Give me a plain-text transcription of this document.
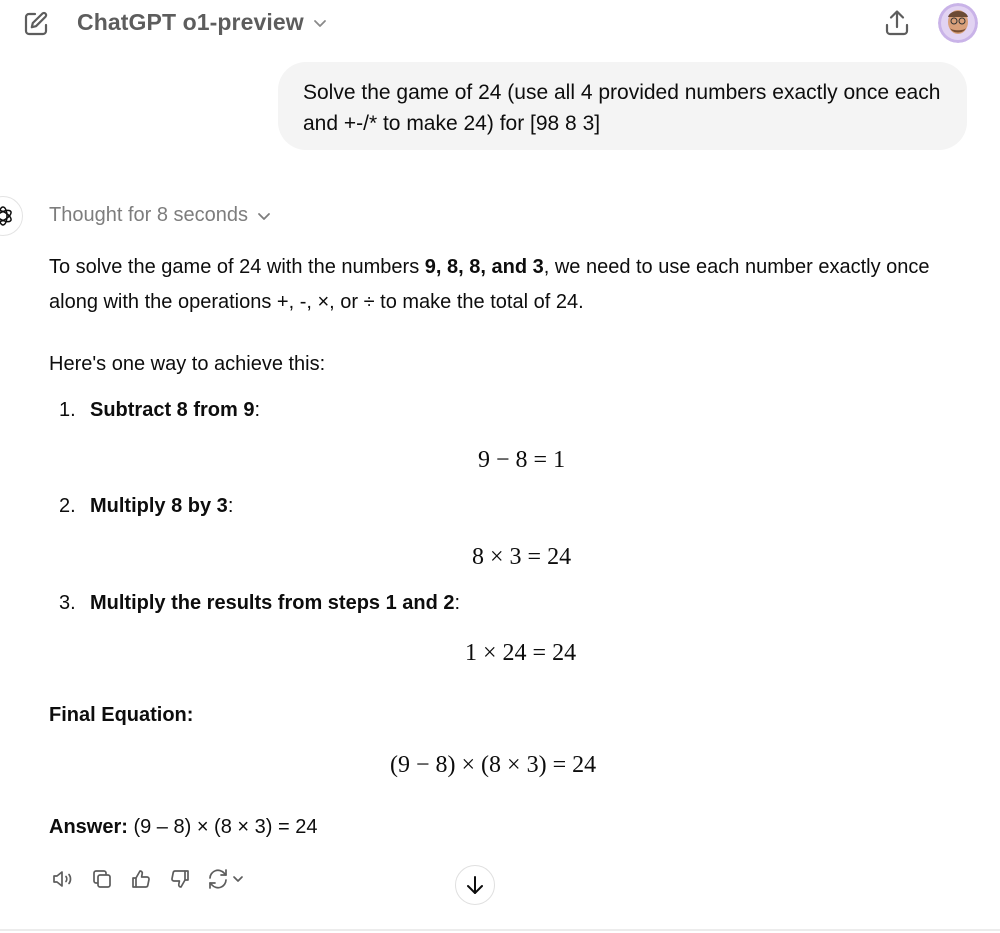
ChatGPT o1-preview
Solve the game of 24 (use all 4 provided numbers exactly once each and +-/* to make 24) for [98 8 3]
Thought for 8 seconds

To solve the game of 24 with the numbers 9, 8, 8, and 3, we need to use each number exactly once along with the operations +, -, ×, or ÷ to make the total of 24.

Here's one way to achieve this:

1. Subtract 8 from 9:

9 − 8 = 1

2. Multiply 8 by 3:

8 × 3 = 24

3. Multiply the results from steps 1 and 2:

1 × 24 = 24

Final Equation:

(9 − 8) × (8 × 3) = 24

Answer: (9 – 8) × (8 × 3) = 24
